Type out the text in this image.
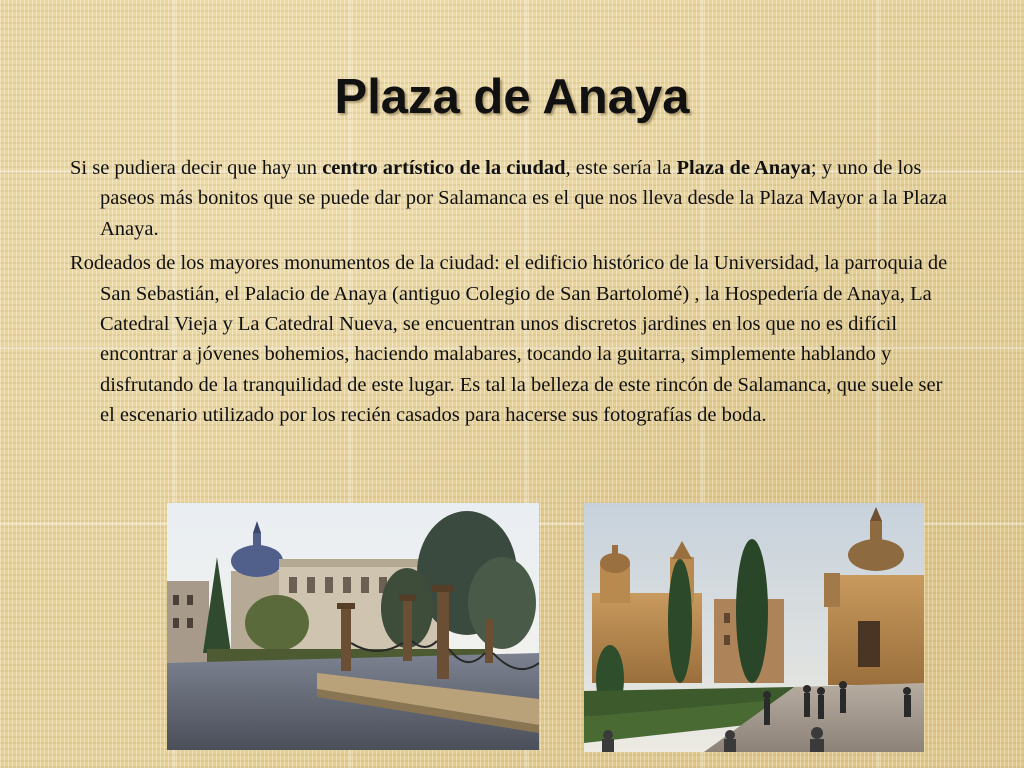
Plaza de Anaya

Si se pudiera decir que hay un centro artístico de la ciudad, este sería la Plaza de Anaya; y uno de los paseos más bonitos que se puede dar por Salamanca es el que nos lleva desde la Plaza Mayor a la Plaza Anaya.

Rodeados de los mayores monumentos de la ciudad: el edificio histórico de la Universidad, la parroquia de San Sebastián, el Palacio de Anaya (antiguo Colegio de San Bartolomé) , la Hospedería de Anaya, La Catedral Vieja y La Catedral Nueva, se encuentran unos discretos jardines en los que no es difícil encontrar a jóvenes bohemios, haciendo malabares, tocando la guitarra, simplemente hablando y disfrutando de la tranquilidad de este lugar. Es tal la belleza de este rincón de Salamanca, que suele ser el escenario utilizado por los recién casados para hacerse sus fotografías de boda.
